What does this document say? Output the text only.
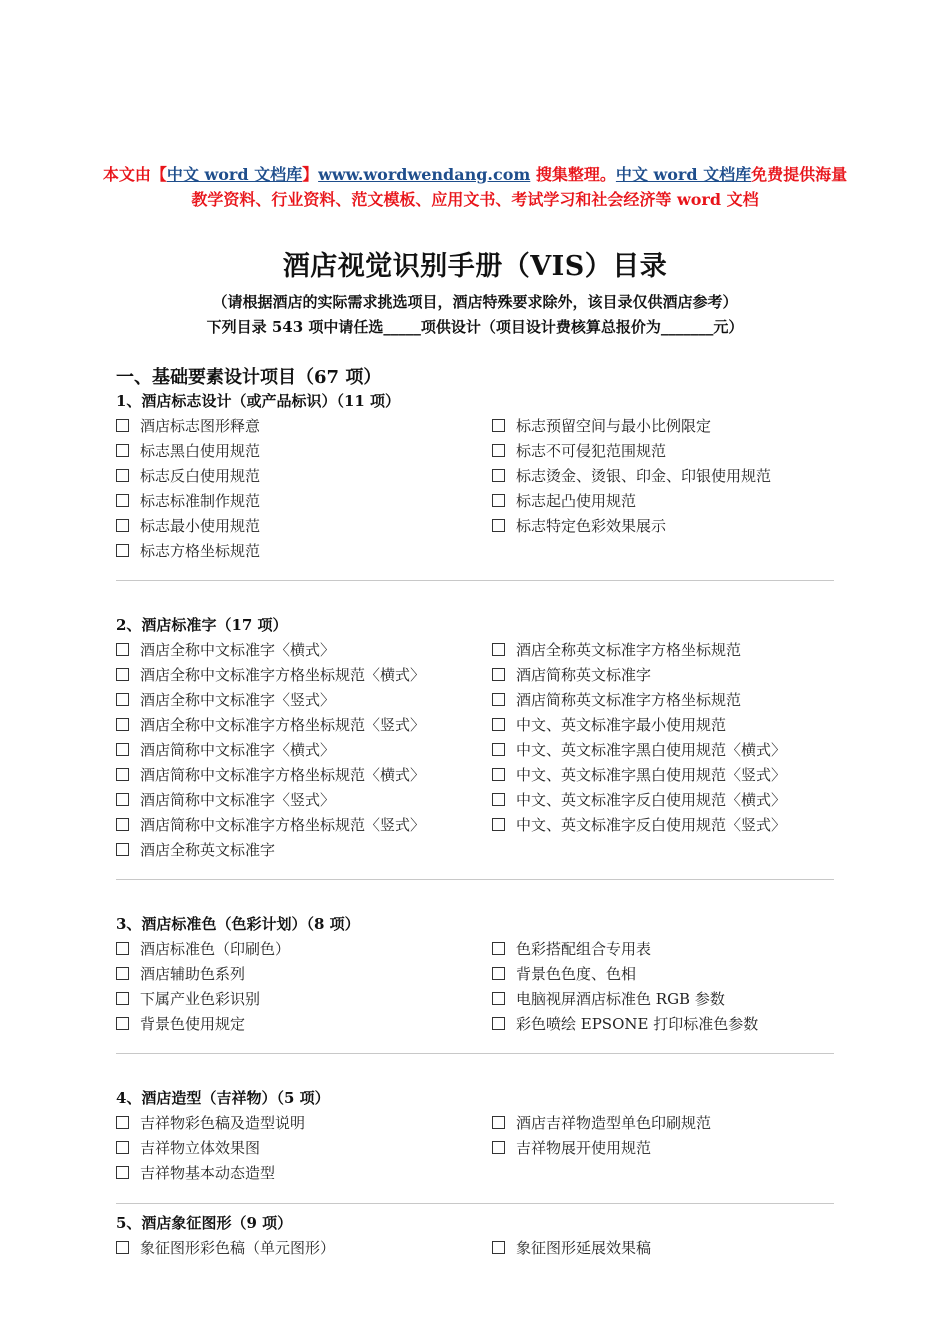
本文由【中文 word 文档库】www.wordwendang.com 搜集整理。中文 word 文档库免费提供海量
教学资料、行业资料、范文模板、应用文书、考试学习和社会经济等 word 文档
酒店视觉识别手册（VIS）目录
（请根据酒店的实际需求挑选项目，酒店特殊要求除外，该目录仅供酒店参考）
下列目录 543 项中请任选_____项供设计（项目设计费核算总报价为_______元）
一、基础要素设计项目（67 项）
1、酒店标志设计（或产品标识）（11 项）
酒店标志图形释意
标志黑白使用规范
标志反白使用规范
标志标准制作规范
标志最小使用规范
标志方格坐标规范
标志预留空间与最小比例限定
标志不可侵犯范围规范
标志烫金、烫银、印金、印银使用规范
标志起凸使用规范
标志特定色彩效果展示
2、酒店标准字（17 项）
酒店全称中文标准字〈横式〉
酒店全称中文标准字方格坐标规范〈横式〉
酒店全称中文标准字〈竖式〉
酒店全称中文标准字方格坐标规范〈竖式〉
酒店简称中文标准字〈横式〉
酒店简称中文标准字方格坐标规范〈横式〉
酒店简称中文标准字〈竖式〉
酒店简称中文标准字方格坐标规范〈竖式〉
酒店全称英文标准字
酒店全称英文标准字方格坐标规范
酒店简称英文标准字
酒店简称英文标准字方格坐标规范
中文、英文标准字最小使用规范
中文、英文标准字黑白使用规范〈横式〉
中文、英文标准字黑白使用规范〈竖式〉
中文、英文标准字反白使用规范〈横式〉
中文、英文标准字反白使用规范〈竖式〉
3、酒店标准色（色彩计划）（8 项）
酒店标准色（印刷色）
酒店辅助色系列
下属产业色彩识别
背景色使用规定
色彩搭配组合专用表
背景色色度、色相
电脑视屏酒店标准色 RGB 参数
彩色喷绘 EPSONE 打印标准色参数
4、酒店造型（吉祥物）（5 项）
吉祥物彩色稿及造型说明
吉祥物立体效果图
吉祥物基本动态造型
酒店吉祥物造型单色印刷规范
吉祥物展开使用规范
5、酒店象征图形（9 项）
象征图形彩色稿（单元图形）	象征图形延展效果稿
